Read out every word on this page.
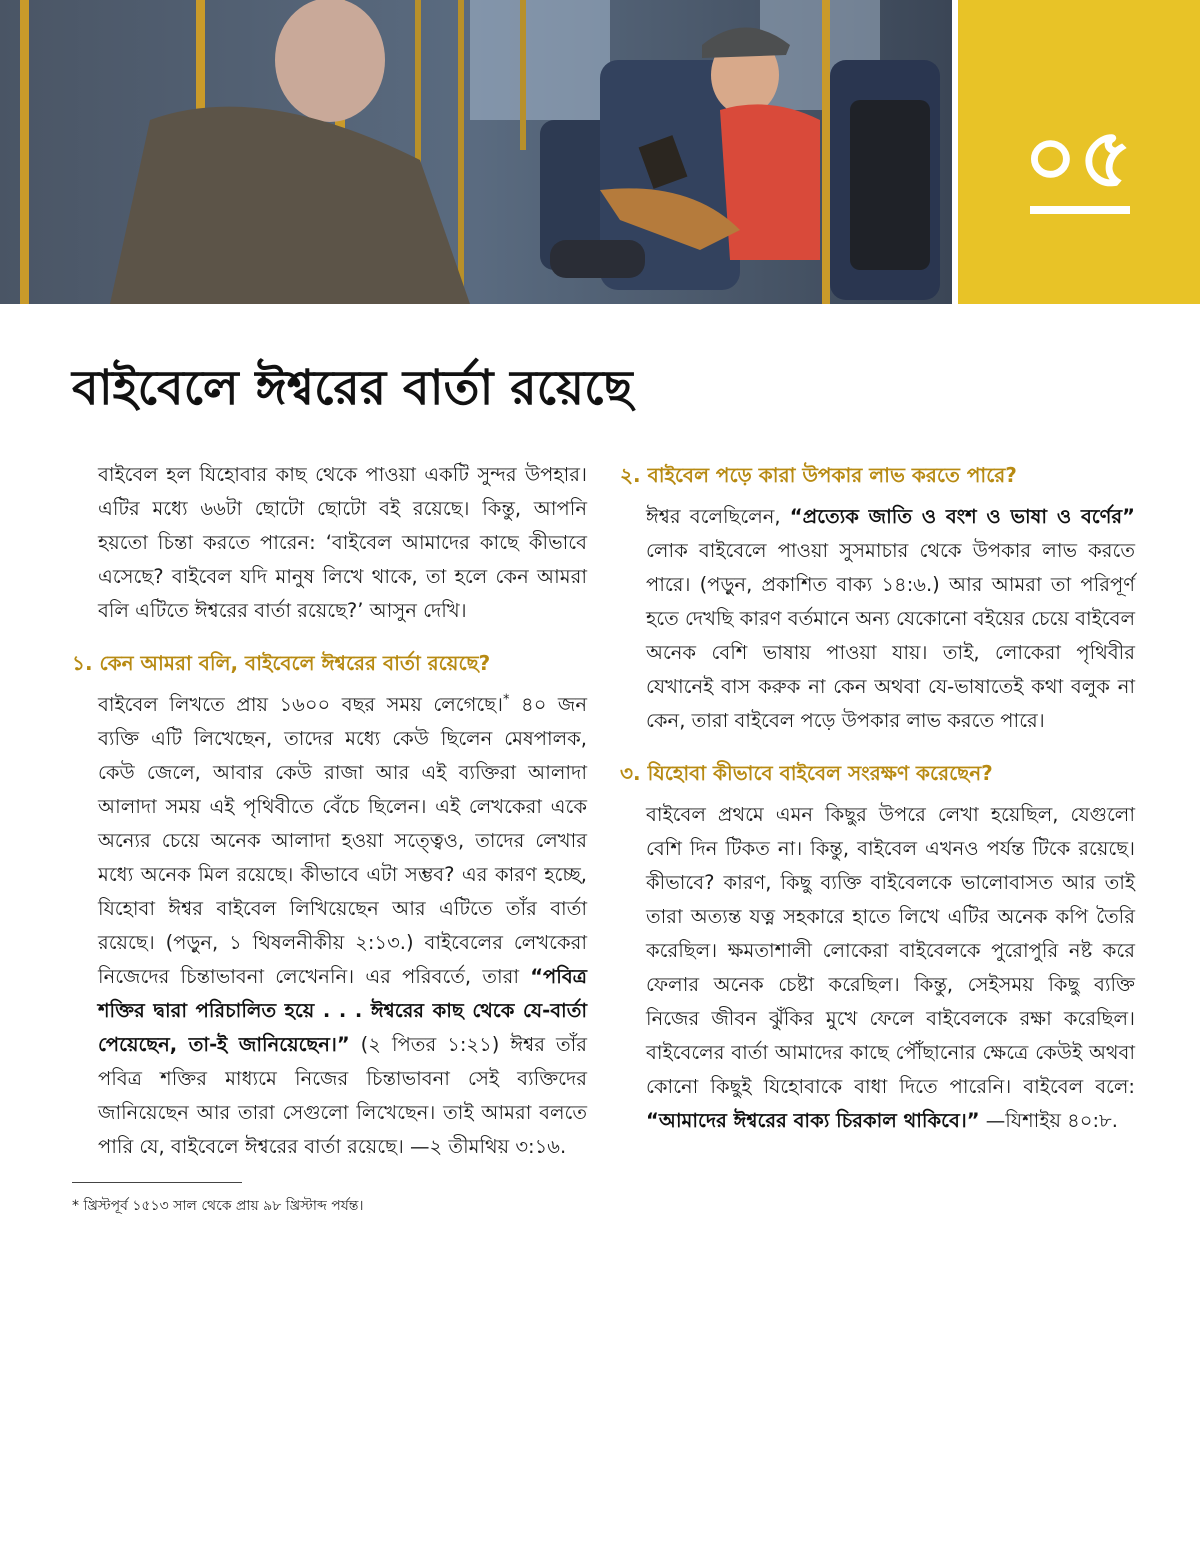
০৫
বাইবেলে ঈশ্বরের বার্তা রয়েছে

বাইবেল হল যিহোবার কাছ থেকে পাওয়া একটি সুন্দর উপহার। এটির মধ্যে ৬৬টা ছোটো ছোটো বই রয়েছে। কিন্তু, আপনি হয়তো চিন্তা করতে পারেন: ‘বাইবেল আমাদের কাছে কীভাবে এসেছে? বাইবেল যদি মানুষ লিখে থাকে, তা হলে কেন আমরা বলি এটিতে ঈশ্বরের বার্তা রয়েছে?’ আসুন দেখি।

১. কেন আমরা বলি, বাইবেলে ঈশ্বরের বার্তা রয়েছে?

বাইবেল লিখতে প্রায় ১৬০০ বছর সময় লেগেছে।* ৪০ জন ব্যক্তি এটি লিখেছেন, তাদের মধ্যে কেউ ছিলেন মেষপালক, কেউ জেলে, আবার কেউ রাজা আর এই ব্যক্তিরা আলাদা আলাদা সময় এই পৃথিবীতে বেঁচে ছিলেন। এই লেখকেরা একে অন্যের চেয়ে অনেক আলাদা হওয়া সত্ত্বেও, তাদের লেখার মধ্যে অনেক মিল রয়েছে। কীভাবে এটা সম্ভব? এর কারণ হচ্ছে, যিহোবা ঈশ্বর বাইবেল লিখিয়েছেন আর এটিতে তাঁর বার্তা রয়েছে। (পড়ুন, ১ থিষলনীকীয় ২:১৩.) বাইবেলের লেখকেরা নিজেদের চিন্তাভাবনা লেখেননি। এর পরিবর্তে, তারা “পবিত্র শক্তির দ্বারা পরিচালিত হয়ে . . . ঈশ্বরের কাছ থেকে যে-বার্তা পেয়েছেন, তা-ই জানিয়েছেন।” (২ পিতর ১:২১) ঈশ্বর তাঁর পবিত্র শক্তির মাধ্যমে নিজের চিন্তাভাবনা সেই ব্যক্তিদের জানিয়েছেন আর তারা সেগুলো লিখেছেন। তাই আমরা বলতে পারি যে, বাইবেলে ঈশ্বরের বার্তা রয়েছে। —২ তীমথিয় ৩:১৬.

* খ্রিস্টপূর্ব ১৫১৩ সাল থেকে প্রায় ৯৮ খ্রিস্টাব্দ পর্যন্ত।
২. বাইবেল পড়ে কারা উপকার লাভ করতে পারে?

ঈশ্বর বলেছিলেন, “প্রত্যেক জাতি ও বংশ ও ভাষা ও বর্ণের” লোক বাইবেলে পাওয়া সুসমাচার থেকে উপকার লাভ করতে পারে। (পড়ুন, প্রকাশিত বাক্য ১৪:৬.) আর আমরা তা পরিপূর্ণ হতে দেখছি কারণ বর্তমানে অন্য যেকোনো বইয়ের চেয়ে বাইবেল অনেক বেশি ভাষায় পাওয়া যায়। তাই, লোকেরা পৃথিবীর যেখানেই বাস করুক না কেন অথবা যে-ভাষাতেই কথা বলুক না কেন, তারা বাইবেল পড়ে উপকার লাভ করতে পারে।

৩. যিহোবা কীভাবে বাইবেল সংরক্ষণ করেছেন?

বাইবেল প্রথমে এমন কিছুর উপরে লেখা হয়েছিল, যেগুলো বেশি দিন টিকত না। কিন্তু, বাইবেল এখনও পর্যন্ত টিকে রয়েছে। কীভাবে? কারণ, কিছু ব্যক্তি বাইবেলকে ভালোবাসত আর তাই তারা অত্যন্ত যত্ন সহকারে হাতে লিখে এটির অনেক কপি তৈরি করেছিল। ক্ষমতাশালী লোকেরা বাইবেলকে পুরোপুরি নষ্ট করে ফেলার অনেক চেষ্টা করেছিল। কিন্তু, সেইসময় কিছু ব্যক্তি নিজের জীবন ঝুঁকির মুখে ফেলে বাইবেলকে রক্ষা করেছিল। বাইবেলের বার্তা আমাদের কাছে পৌঁছানোর ক্ষেত্রে কেউই অথবা কোনো কিছুই যিহোবাকে বাধা দিতে পারেনি। বাইবেল বলে: “আমাদের ঈশ্বরের বাক্য চিরকাল থাকিবে।” —যিশাইয় ৪০:৮.
